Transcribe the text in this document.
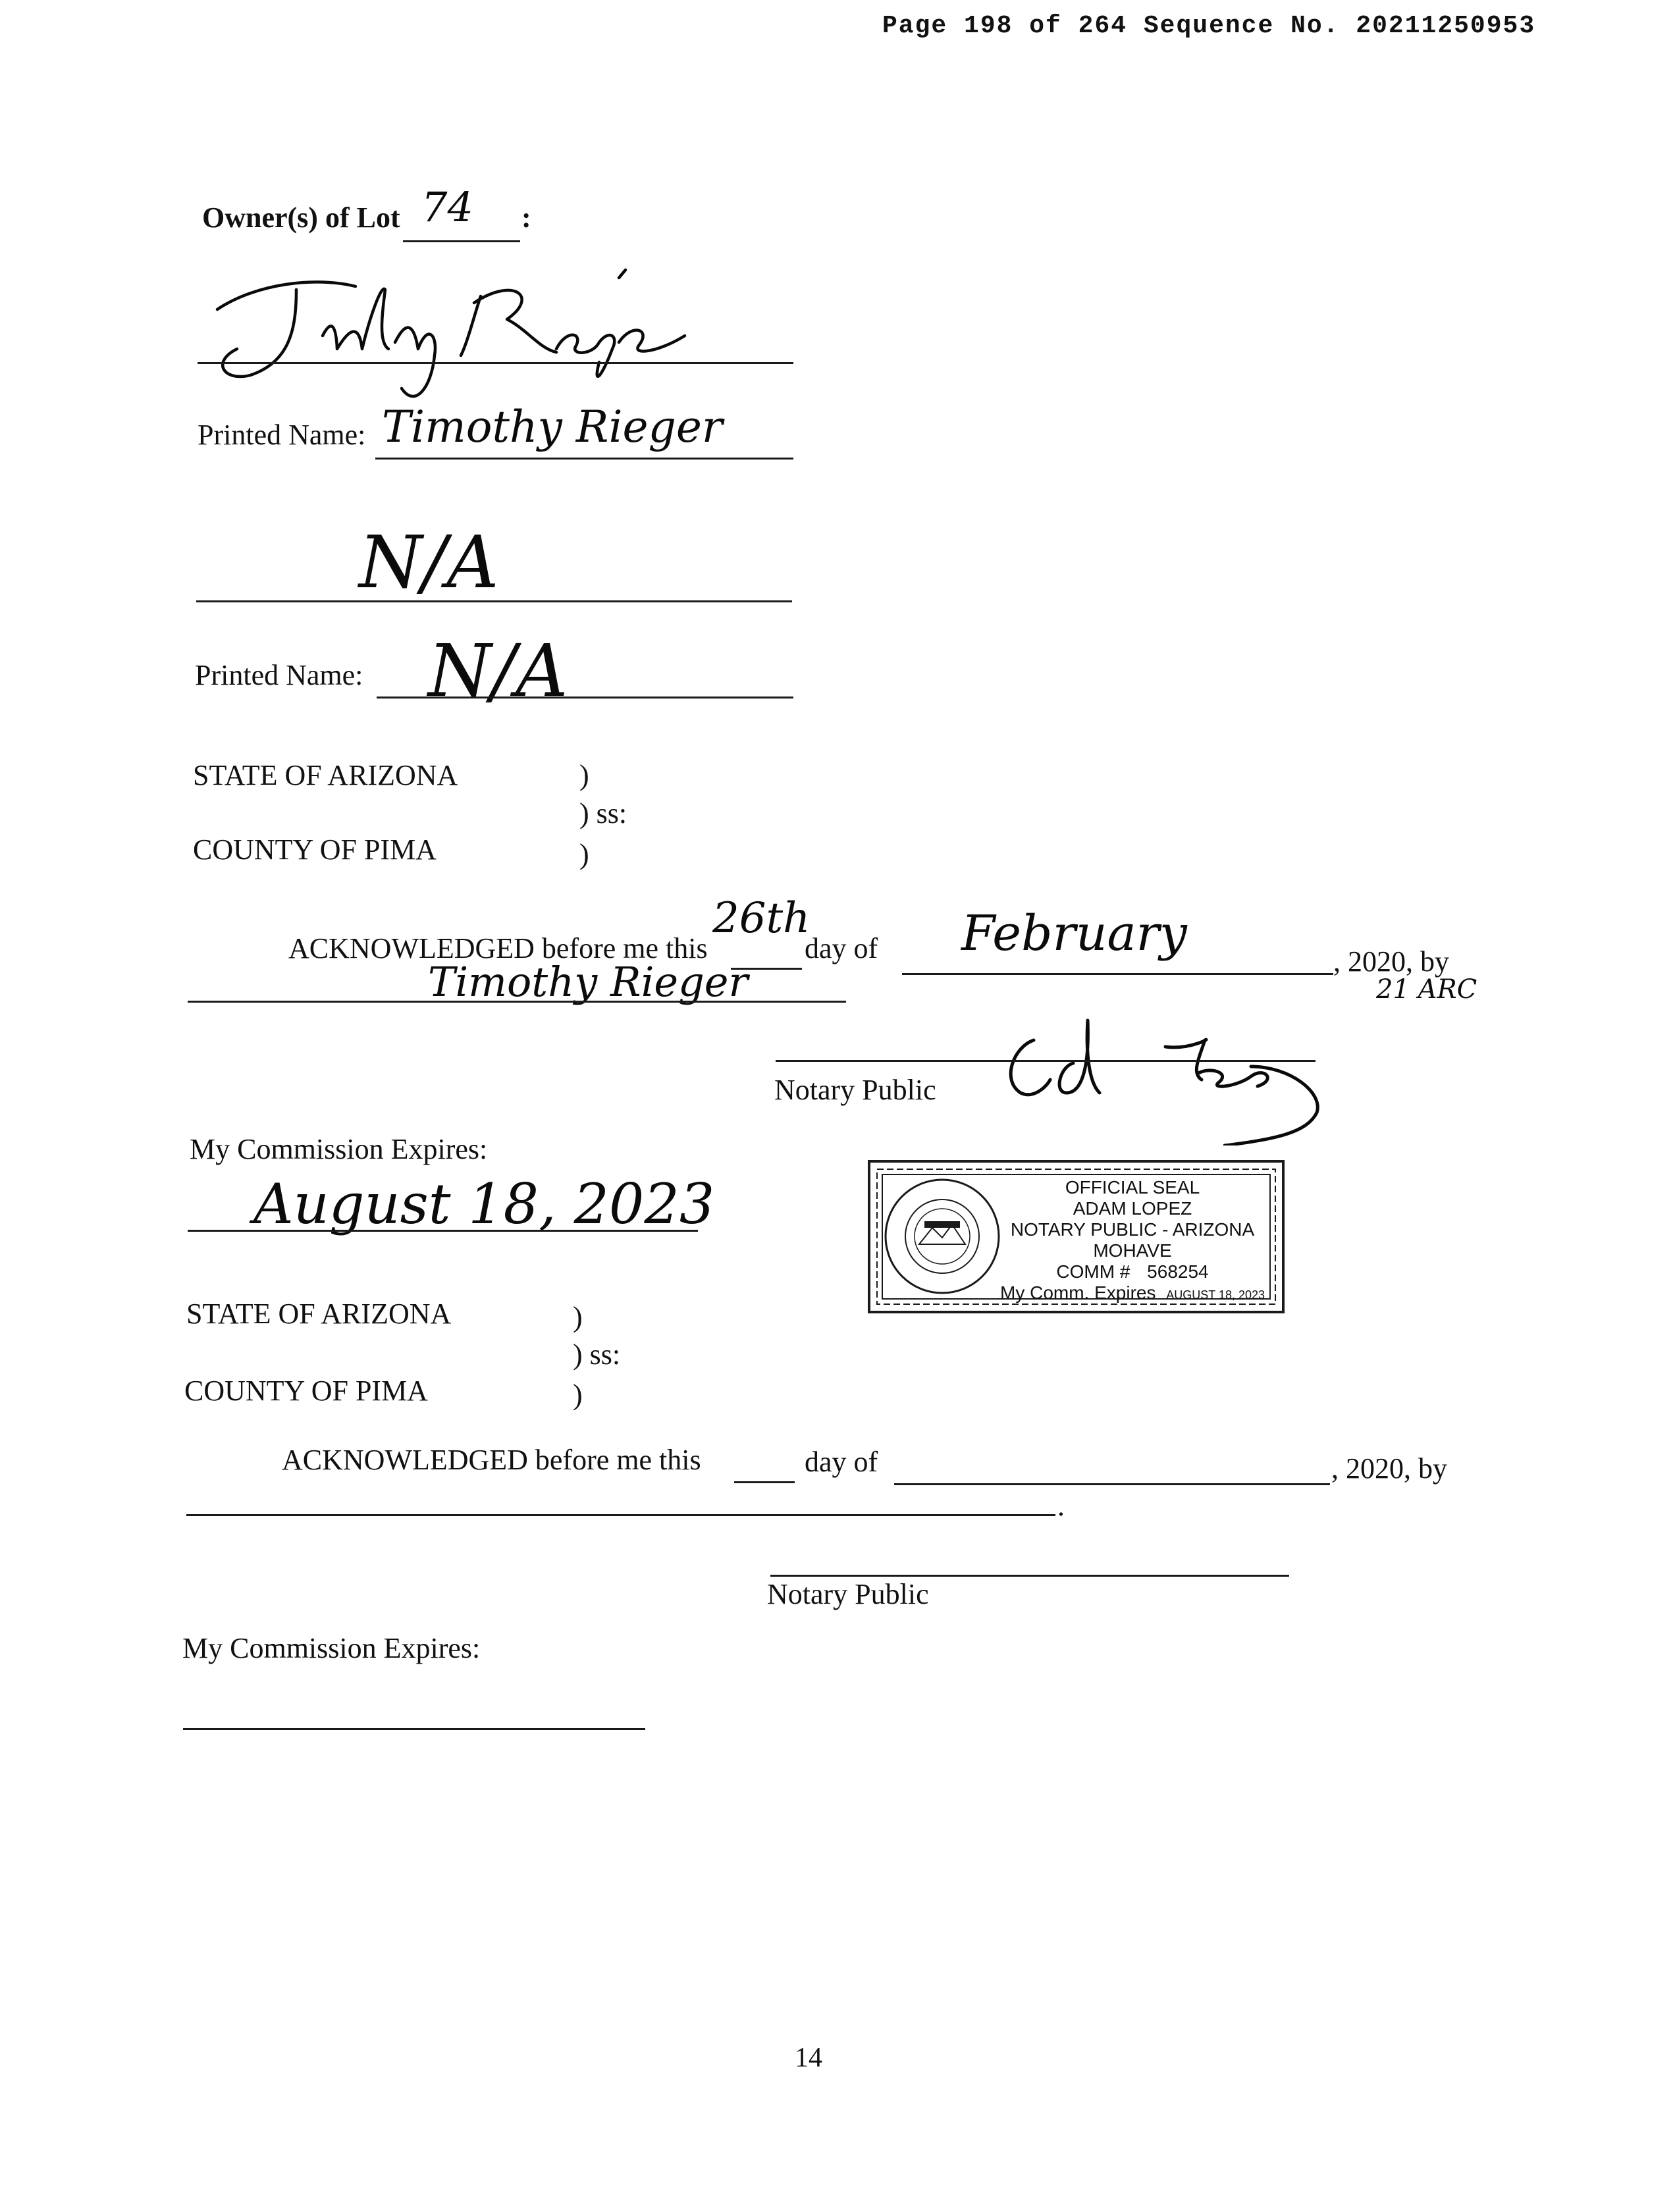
Page 198 of 264 Sequence No. 20211250953
Owner(s) of Lot 74 :
Printed Name: Timothy Rieger
N/A
Printed Name: N/A
STATE OF ARIZONA	)
) ss:
COUNTY OF PIMA	)
ACKNOWLEDGED before me this
26th
day of February	, 2020, by
21 ARC
Timothy Rieger
Notary Public
My Commission Expires:
August 18, 2023	OFFICIAL SEAL
ADAM LOPEZ
NOTARY PUBLIC - ARIZONA
MOHAVE
COMM # 568254
My Comm. Expires AUGUST 18, 2023
STATE OF ARIZONA	)
) ss:
COUNTY OF PIMA	)
ACKNOWLEDGED before me this	day of	, 2020, by
.
Notary Public
My Commission Expires:
14
